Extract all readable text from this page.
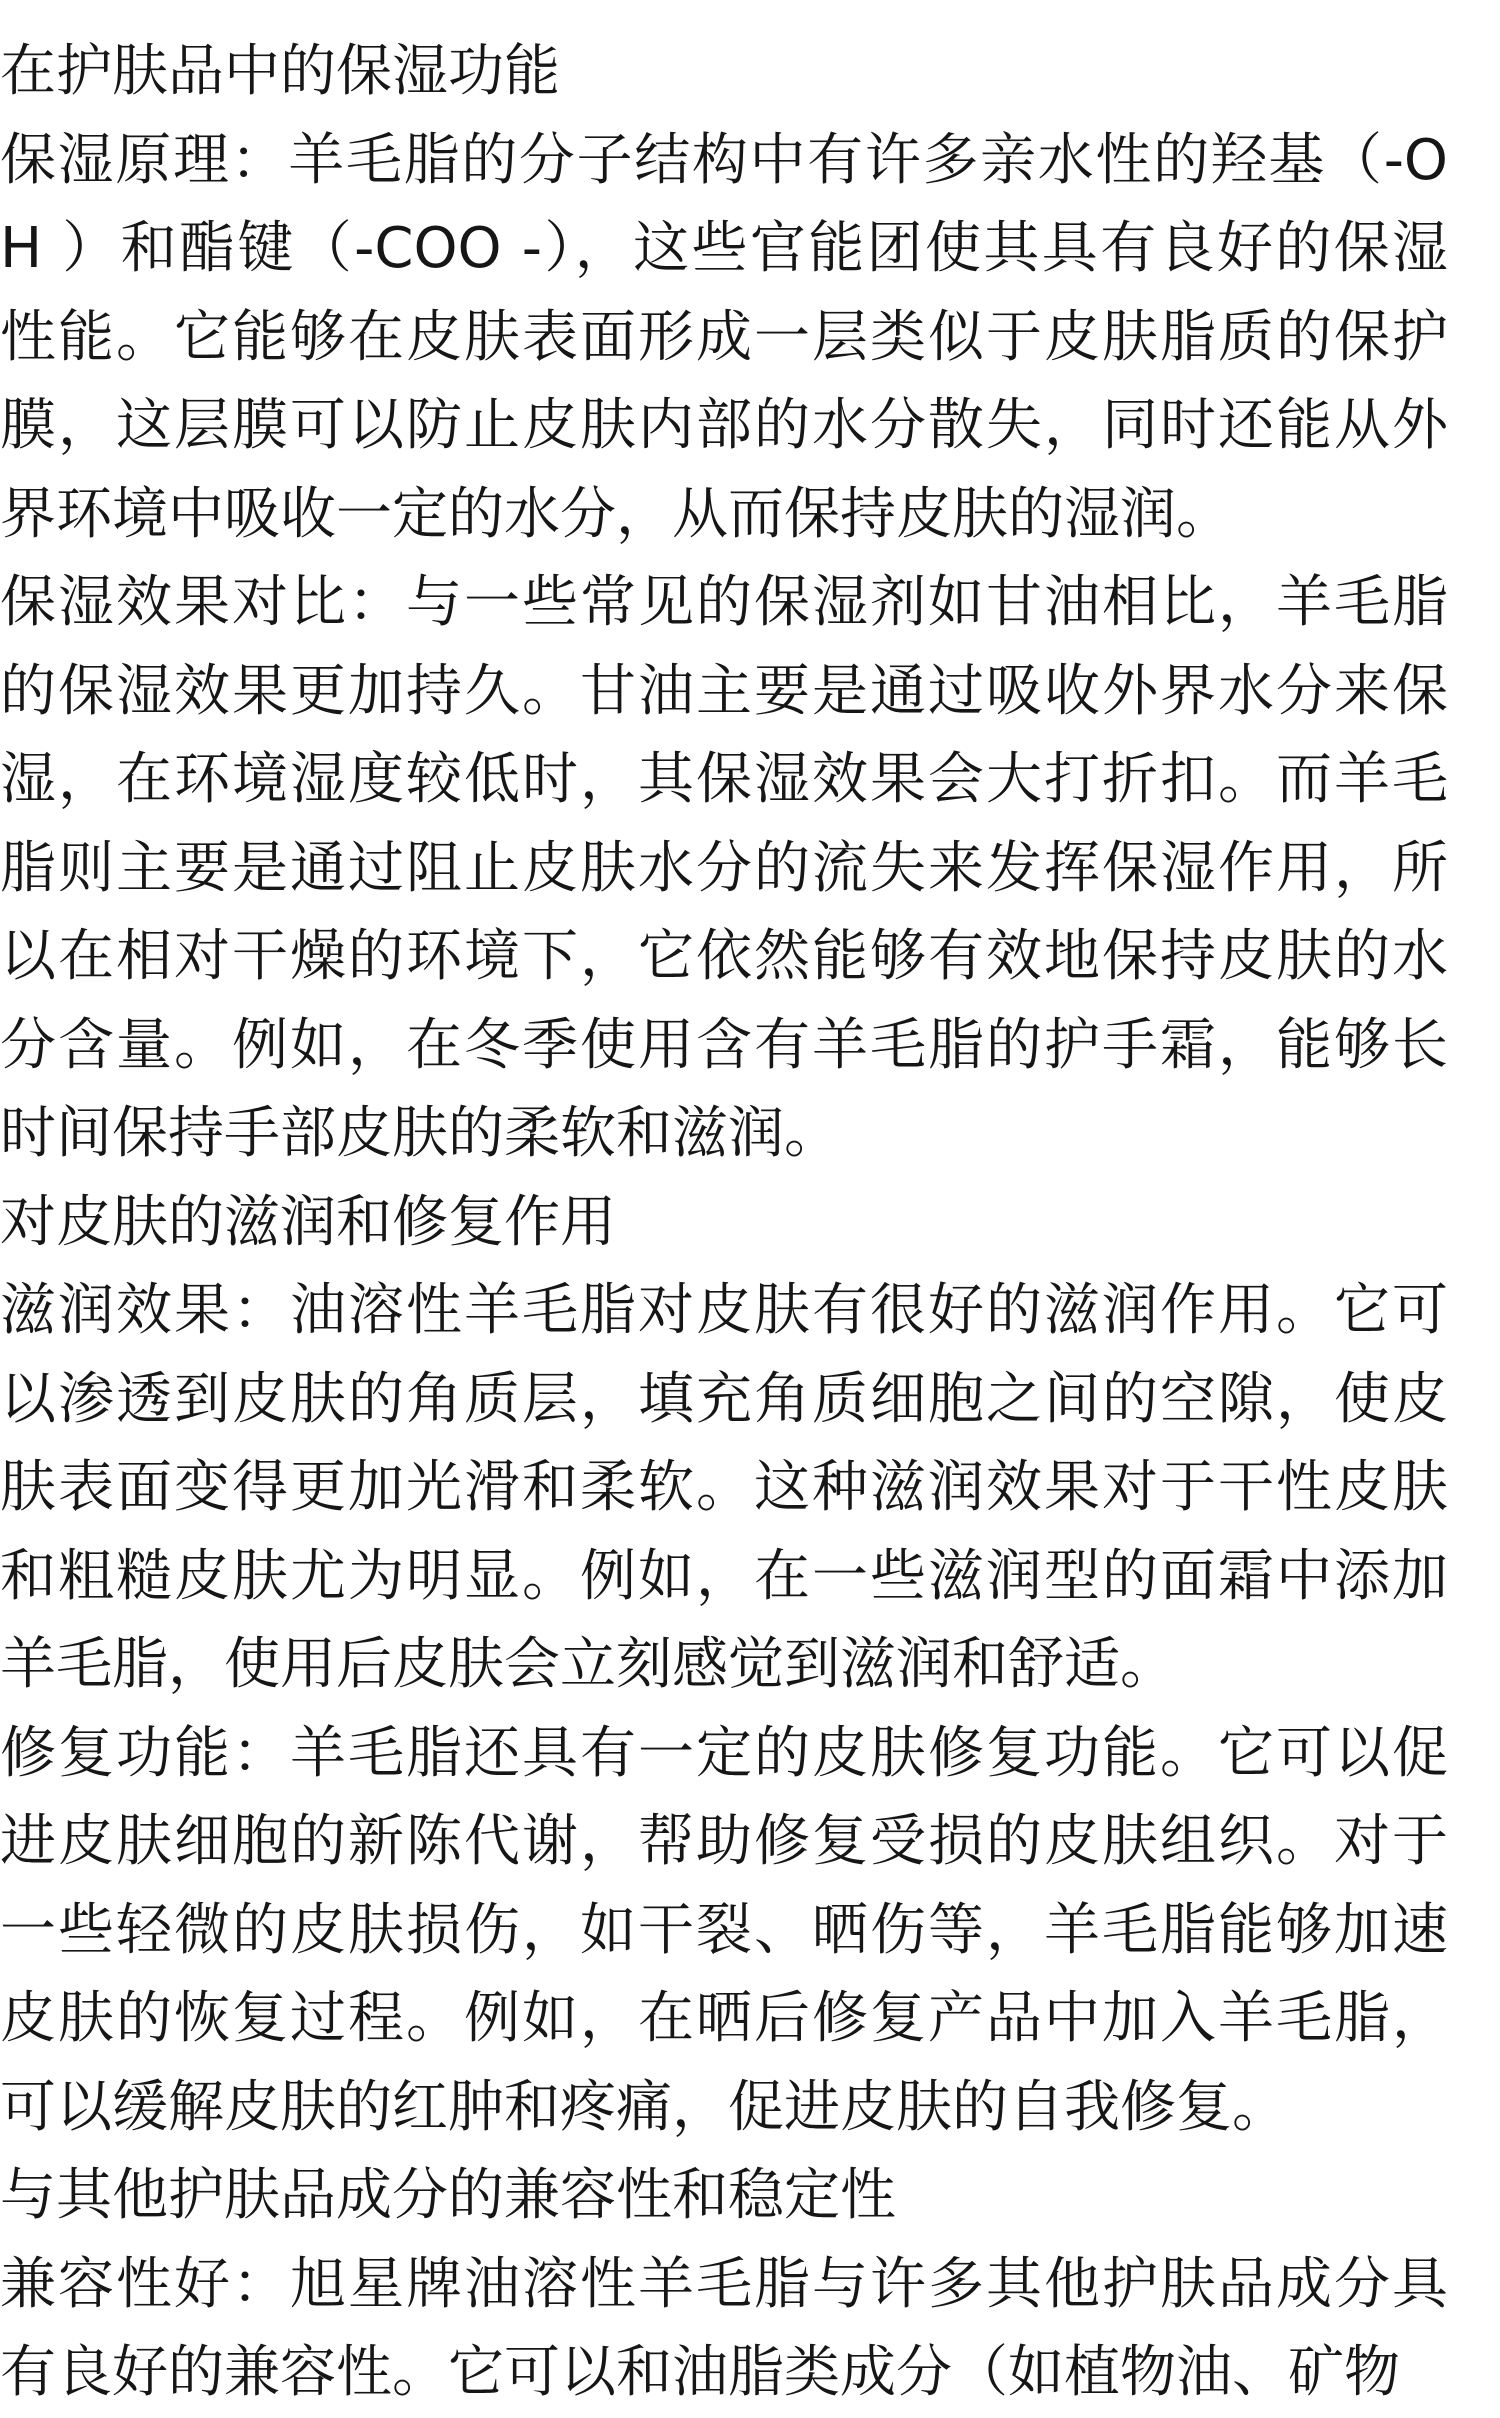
在护肤品中的保湿功能

保湿原理：羊毛脂的分子结构中有许多亲水性的羟基（-OH ）和酯键（-COO -），这些官能团使其具有良好的保湿性能。它能够在皮肤表面形成一层类似于皮肤脂质的保护膜，这层膜可以防止皮肤内部的水分散失，同时还能从外界环境中吸收一定的水分，从而保持皮肤的湿润。

保湿效果对比：与一些常见的保湿剂如甘油相比，羊毛脂的保湿效果更加持久。甘油主要是通过吸收外界水分来保湿，在环境湿度较低时，其保湿效果会大打折扣。而羊毛脂则主要是通过阻止皮肤水分的流失来发挥保湿作用，所以在相对干燥的环境下，它依然能够有效地保持皮肤的水分含量。例如，在冬季使用含有羊毛脂的护手霜，能够长时间保持手部皮肤的柔软和滋润。

对皮肤的滋润和修复作用

滋润效果：油溶性羊毛脂对皮肤有很好的滋润作用。它可以渗透到皮肤的角质层，填充角质细胞之间的空隙，使皮肤表面变得更加光滑和柔软。这种滋润效果对于干性皮肤和粗糙皮肤尤为明显。例如，在一些滋润型的面霜中添加羊毛脂，使用后皮肤会立刻感觉到滋润和舒适。

修复功能：羊毛脂还具有一定的皮肤修复功能。它可以促进皮肤细胞的新陈代谢，帮助修复受损的皮肤组织。对于一些轻微的皮肤损伤，如干裂、晒伤等，羊毛脂能够加速皮肤的恢复过程。例如，在晒后修复产品中加入羊毛脂，可以缓解皮肤的红肿和疼痛，促进皮肤的自我修复。

与其他护肤品成分的兼容性和稳定性

兼容性好：旭星牌油溶性羊毛脂与许多其他护肤品成分具有良好的兼容性。它可以和油脂类成分（如植物油、矿物
